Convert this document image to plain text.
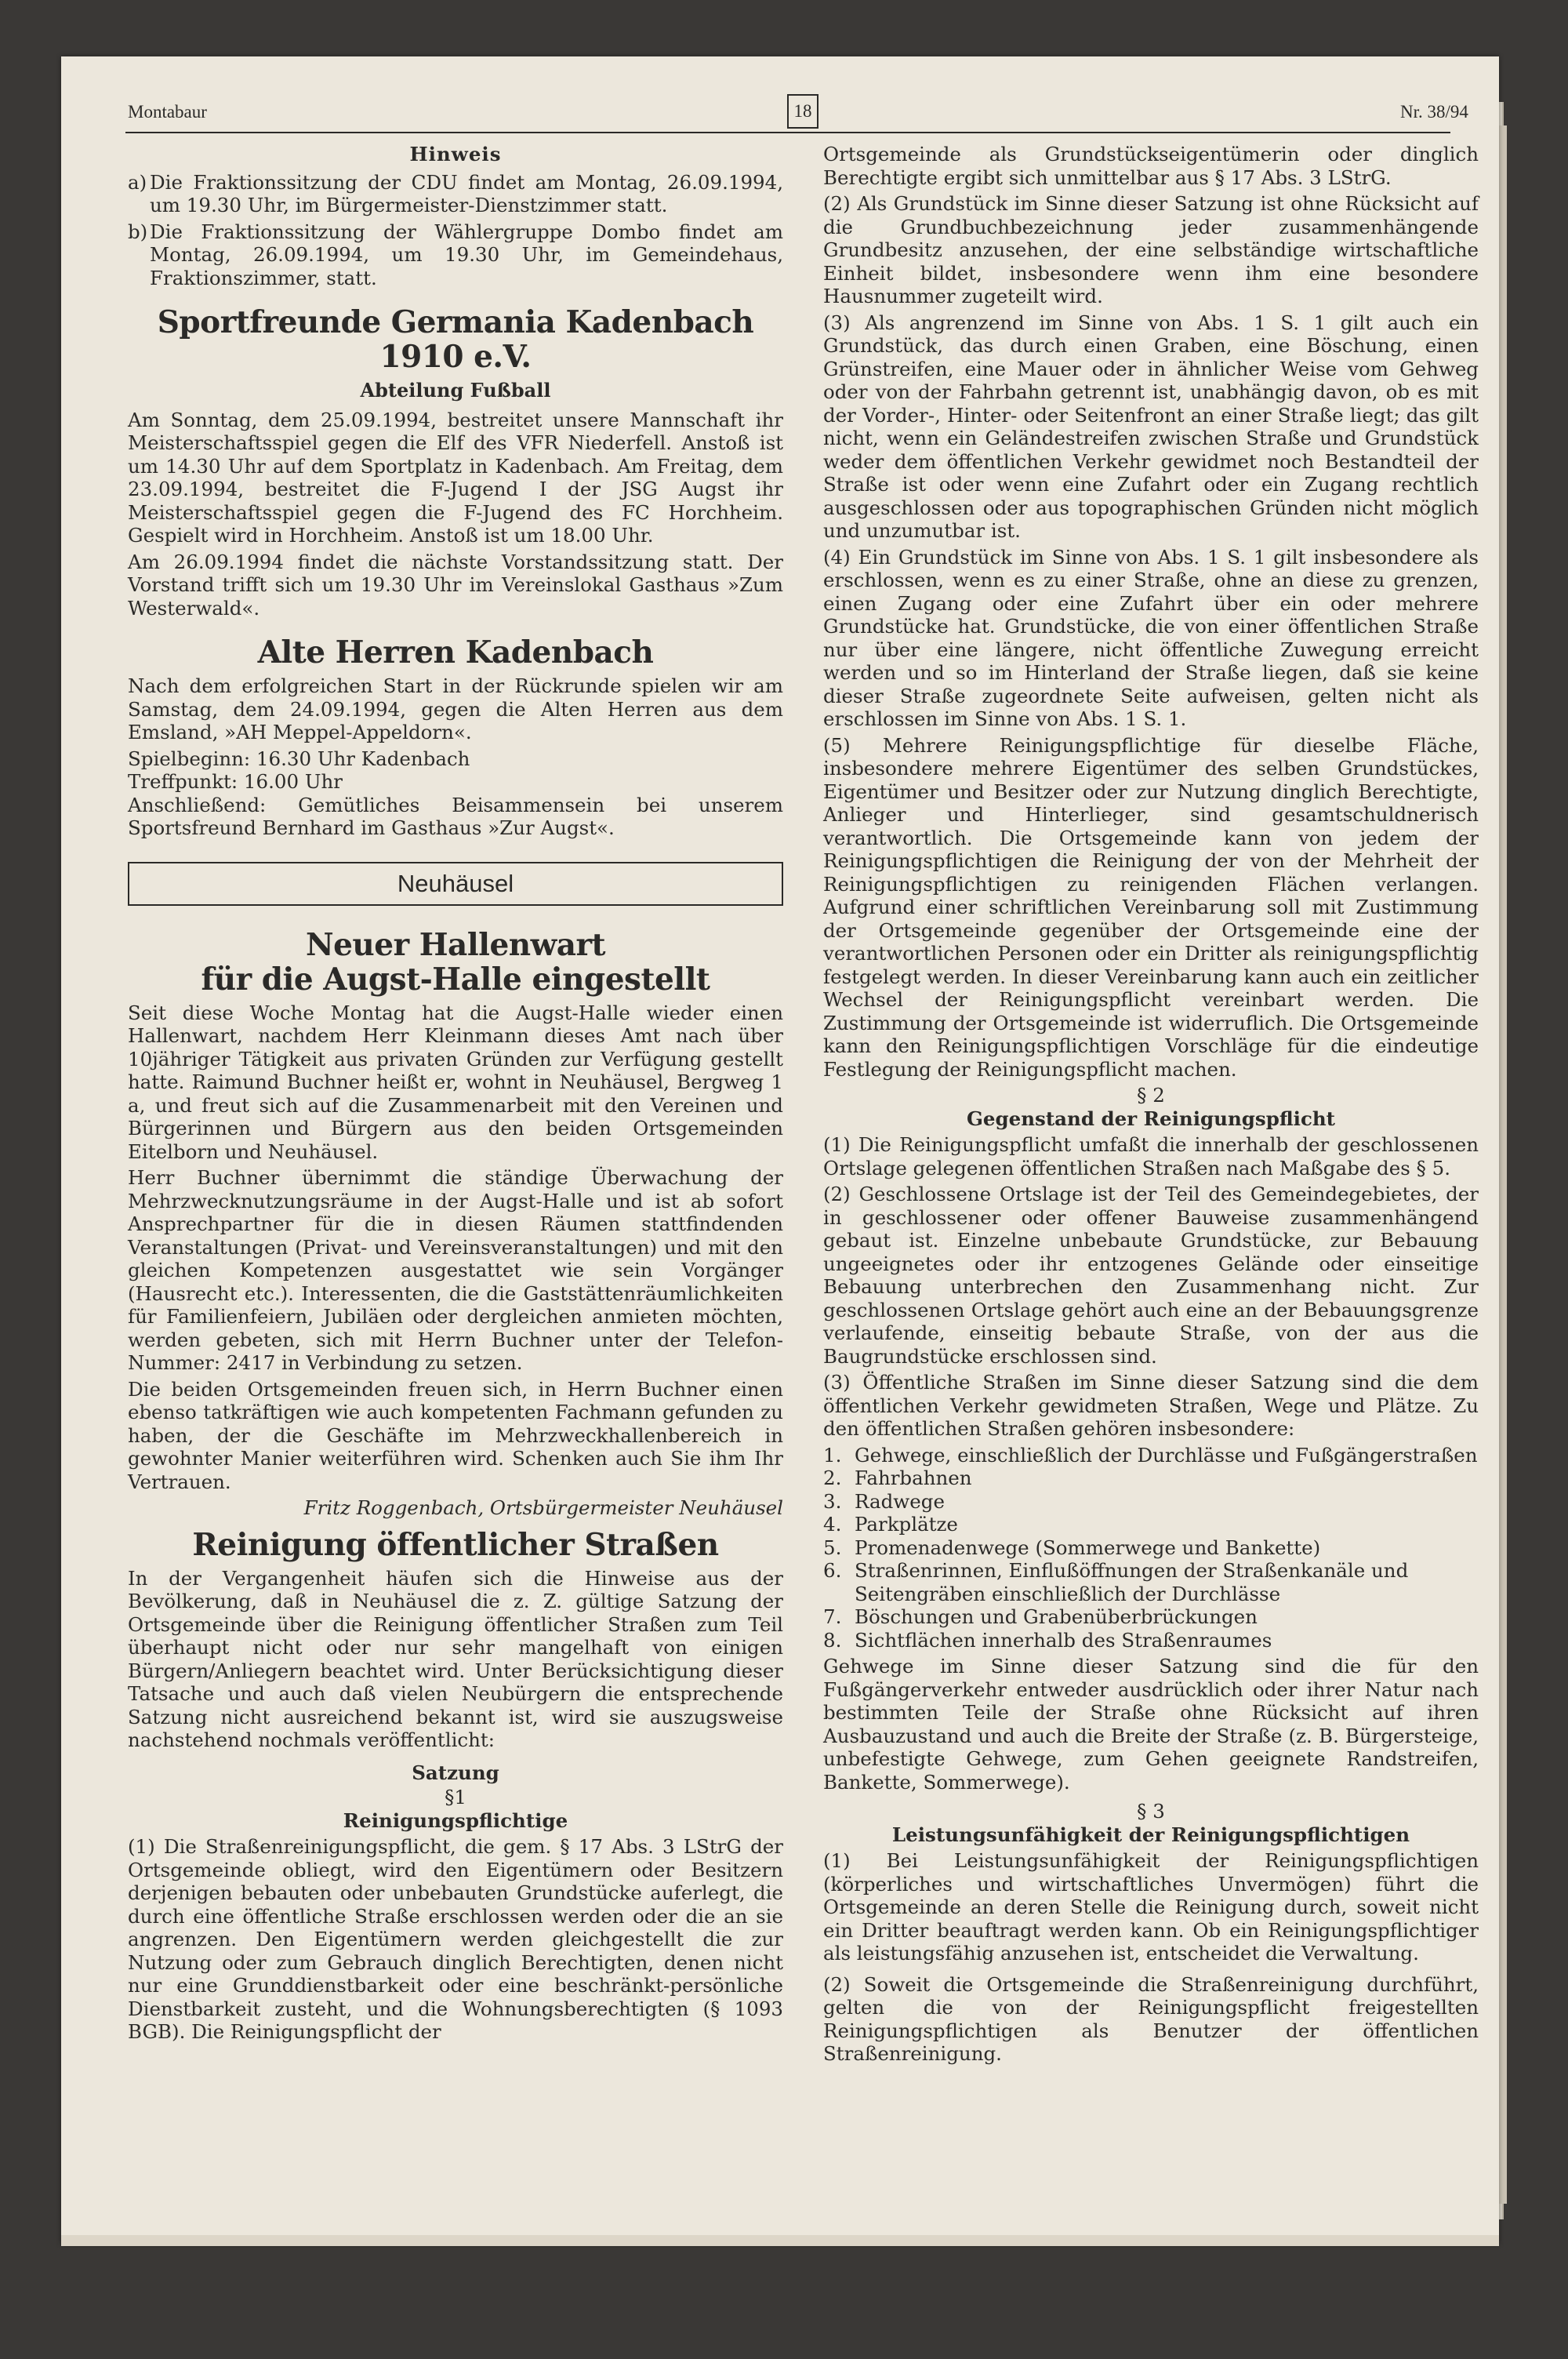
Montabaur	18	Nr. 38/94
Hinweis
a) Die Fraktionssitzung der CDU findet am Montag, 26.09.1994, um 19.30 Uhr, im Bürgermeister-Dienstzimmer statt.
b) Die Fraktionssitzung der Wählergruppe Dombo findet am Montag, 26.09.1994, um 19.30 Uhr, im Gemeindehaus, Fraktionszimmer, statt.
Sportfreunde Germania Kadenbach 1910 e.V.
Abteilung Fußball

Am Sonntag, dem 25.09.1994, bestreitet unsere Mannschaft ihr Meisterschaftsspiel gegen die Elf des VFR Niederfell. Anstoß ist um 14.30 Uhr auf dem Sportplatz in Kadenbach. Am Freitag, dem 23.09.1994, bestreitet die F-Jugend I der JSG Augst ihr Meisterschaftsspiel gegen die F-Jugend des FC Horchheim. Gespielt wird in Horchheim. Anstoß ist um 18.00 Uhr.

Am 26.09.1994 findet die nächste Vorstandssitzung statt. Der Vorstand trifft sich um 19.30 Uhr im Vereinslokal Gasthaus »Zum Westerwald«.

Alte Herren Kadenbach

Nach dem erfolgreichen Start in der Rückrunde spielen wir am Samstag, dem 24.09.1994, gegen die Alten Herren aus dem Emsland, »AH Meppel-Appeldorn«.

Spielbeginn: 16.30 Uhr Kadenbach
Treffpunkt: 16.00 Uhr

Anschließend: Gemütliches Beisammensein bei unserem Sportsfreund Bernhard im Gasthaus »Zur Augst«.

Neuhäusel
Neuer Hallenwart
für die Augst-Halle eingestellt

Seit diese Woche Montag hat die Augst-Halle wieder einen Hallenwart, nachdem Herr Kleinmann dieses Amt nach über 10jähriger Tätigkeit aus privaten Gründen zur Verfügung gestellt hatte. Raimund Buchner heißt er, wohnt in Neuhäusel, Bergweg 1 a, und freut sich auf die Zusammenarbeit mit den Vereinen und Bürgerinnen und Bürgern aus den beiden Ortsgemeinden Eitelborn und Neuhäusel.

Herr Buchner übernimmt die ständige Überwachung der Mehrzwecknutzungsräume in der Augst-Halle und ist ab sofort Ansprechpartner für die in diesen Räumen stattfindenden Veranstaltungen (Privat- und Vereinsveranstaltungen) und mit den gleichen Kompetenzen ausgestattet wie sein Vorgänger (Hausrecht etc.). Interessenten, die die Gaststättenräumlichkeiten für Familienfeiern, Jubiläen oder dergleichen anmieten möchten, werden gebeten, sich mit Herrn Buchner unter der Telefon-Nummer: 2417 in Verbindung zu setzen.

Die beiden Ortsgemeinden freuen sich, in Herrn Buchner einen ebenso tatkräftigen wie auch kompetenten Fachmann gefunden zu haben, der die Geschäfte im Mehrzweckhallenbereich in gewohnter Manier weiterführen wird. Schenken auch Sie ihm Ihr Vertrauen.

Fritz Roggenbach, Ortsbürgermeister Neuhäusel
Reinigung öffentlicher Straßen

In der Vergangenheit häufen sich die Hinweise aus der Bevölkerung, daß in Neuhäusel die z. Z. gültige Satzung der Ortsgemeinde über die Reinigung öffentlicher Straßen zum Teil überhaupt nicht oder nur sehr mangelhaft von einigen Bürgern/Anliegern beachtet wird. Unter Berücksichtigung dieser Tatsache und auch daß vielen Neubürgern die entsprechende Satzung nicht ausreichend bekannt ist, wird sie auszugsweise nachstehend nochmals veröffentlicht:

Satzung
§1
Reinigungspflichtige

(1) Die Straßenreinigungspflicht, die gem. § 17 Abs. 3 LStrG der Ortsgemeinde obliegt, wird den Eigentümern oder Besitzern derjenigen bebauten oder unbebauten Grundstücke auferlegt, die durch eine öffentliche Straße erschlossen werden oder die an sie angrenzen. Den Eigentümern werden gleichgestellt die zur Nutzung oder zum Gebrauch dinglich Berechtigten, denen nicht nur eine Grunddienstbarkeit oder eine beschränkt-persönliche Dienstbarkeit zusteht, und die Wohnungsberechtigten (§ 1093 BGB). Die Reinigungspflicht der

Ortsgemeinde als Grundstückseigentümerin oder dinglich Berechtigte ergibt sich unmittelbar aus § 17 Abs. 3 LStrG.

(2) Als Grundstück im Sinne dieser Satzung ist ohne Rücksicht auf die Grundbuchbezeichnung jeder zusammenhängende Grundbesitz anzusehen, der eine selbständige wirtschaftliche Einheit bildet, insbesondere wenn ihm eine besondere Hausnummer zugeteilt wird.

(3) Als angrenzend im Sinne von Abs. 1 S. 1 gilt auch ein Grundstück, das durch einen Graben, eine Böschung, einen Grünstreifen, eine Mauer oder in ähnlicher Weise vom Gehweg oder von der Fahrbahn getrennt ist, unabhängig davon, ob es mit der Vorder-, Hinter- oder Seitenfront an einer Straße liegt; das gilt nicht, wenn ein Geländestreifen zwischen Straße und Grundstück weder dem öffentlichen Verkehr gewidmet noch Bestandteil der Straße ist oder wenn eine Zufahrt oder ein Zugang rechtlich ausgeschlossen oder aus topographischen Gründen nicht möglich und unzumutbar ist.

(4) Ein Grundstück im Sinne von Abs. 1 S. 1 gilt insbesondere als erschlossen, wenn es zu einer Straße, ohne an diese zu grenzen, einen Zugang oder eine Zufahrt über ein oder mehrere Grundstücke hat. Grundstücke, die von einer öffentlichen Straße nur über eine längere, nicht öffentliche Zuwegung erreicht werden und so im Hinterland der Straße liegen, daß sie keine dieser Straße zugeordnete Seite aufweisen, gelten nicht als erschlossen im Sinne von Abs. 1 S. 1.

(5) Mehrere Reinigungspflichtige für dieselbe Fläche, insbesondere mehrere Eigentümer des selben Grundstückes, Eigentümer und Besitzer oder zur Nutzung dinglich Berechtigte, Anlieger und Hinterlieger, sind gesamtschuldnerisch verantwortlich. Die Ortsgemeinde kann von jedem der Reinigungspflichtigen die Reinigung der von der Mehrheit der Reinigungspflichtigen zu reinigenden Flächen verlangen. Aufgrund einer schriftlichen Vereinbarung soll mit Zustimmung der Ortsgemeinde gegenüber der Ortsgemeinde eine der verantwortlichen Personen oder ein Dritter als reinigungspflichtig festgelegt werden. In dieser Vereinbarung kann auch ein zeitlicher Wechsel der Reinigungspflicht vereinbart werden. Die Zustimmung der Ortsgemeinde ist widerruflich. Die Ortsgemeinde kann den Reinigungspflichtigen Vorschläge für die eindeutige Festlegung der Reinigungspflicht machen.

§ 2
Gegenstand der Reinigungspflicht

(1) Die Reinigungspflicht umfaßt die innerhalb der geschlossenen Ortslage gelegenen öffentlichen Straßen nach Maßgabe des § 5.

(2) Geschlossene Ortslage ist der Teil des Gemeindegebietes, der in geschlossener oder offener Bauweise zusammenhängend gebaut ist. Einzelne unbebaute Grundstücke, zur Bebauung ungeeignetes oder ihr entzogenes Gelände oder einseitige Bebauung unterbrechen den Zusammenhang nicht. Zur geschlossenen Ortslage gehört auch eine an der Bebauungsgrenze verlaufende, einseitig bebaute Straße, von der aus die Baugrundstücke erschlossen sind.

(3) Öffentliche Straßen im Sinne dieser Satzung sind die dem öffentlichen Verkehr gewidmeten Straßen, Wege und Plätze. Zu den öffentlichen Straßen gehören insbesondere:

1. Gehwege, einschließlich der Durchlässe und Fußgängerstraßen
2. Fahrbahnen
3. Radwege
4. Parkplätze
5. Promenadenwege (Sommerwege und Bankette)
6. Straßenrinnen, Einflußöffnungen der Straßenkanäle und Seitengräben einschließlich der Durchlässe
7. Böschungen und Grabenüberbrückungen
8. Sichtflächen innerhalb des Straßenraumes

Gehwege im Sinne dieser Satzung sind die für den Fußgängerverkehr entweder ausdrücklich oder ihrer Natur nach bestimmten Teile der Straße ohne Rücksicht auf ihren Ausbauzustand und auch die Breite der Straße (z. B. Bürgersteige, unbefestigte Gehwege, zum Gehen geeignete Randstreifen, Bankette, Sommerwege).

§ 3
Leistungsunfähigkeit der Reinigungspflichtigen

(1) Bei Leistungsunfähigkeit der Reinigungspflichtigen (körperliches und wirtschaftliches Unvermögen) führt die Ortsgemeinde an deren Stelle die Reinigung durch, soweit nicht ein Dritter beauftragt werden kann. Ob ein Reinigungspflichtiger als leistungsfähig anzusehen ist, entscheidet die Verwaltung.

(2) Soweit die Ortsgemeinde die Straßenreinigung durchführt, gelten die von der Reinigungspflicht freigestellten Reinigungspflichtigen als Benutzer der öffentlichen Straßenreinigung.
